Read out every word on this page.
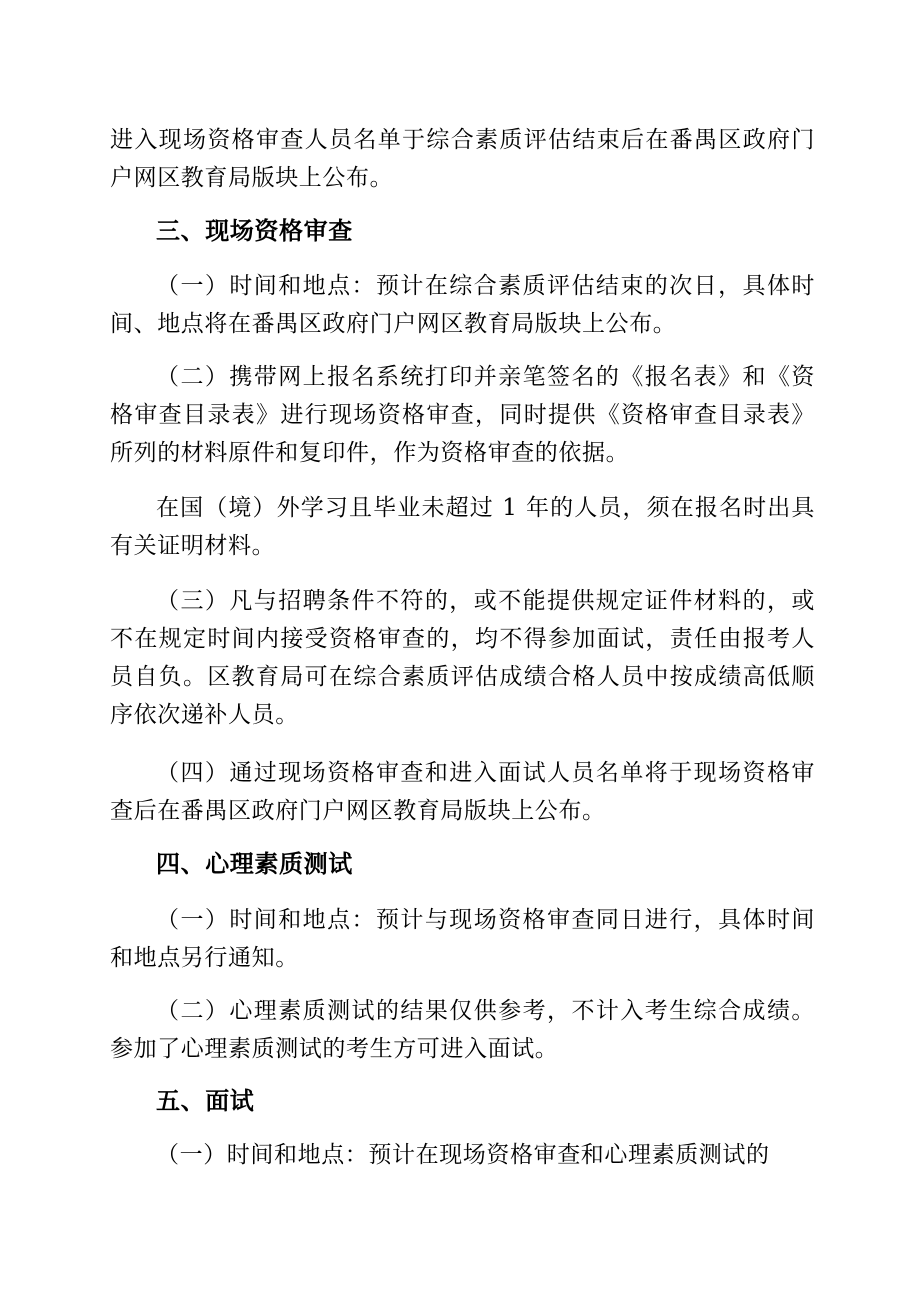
进入现场资格审查人员名单于综合素质评估结束后在番禺区政府门户网区教育局版块上公布。

三、现场资格审查

（一）时间和地点：预计在综合素质评估结束的次日，具体时间、地点将在番禺区政府门户网区教育局版块上公布。

（二）携带网上报名系统打印并亲笔签名的《报名表》和《资格审查目录表》进行现场资格审查，同时提供《资格审查目录表》所列的材料原件和复印件，作为资格审查的依据。

在国（境）外学习且毕业未超过 1 年的人员，须在报名时出具有关证明材料。

（三）凡与招聘条件不符的，或不能提供规定证件材料的，或不在规定时间内接受资格审查的，均不得参加面试，责任由报考人员自负。区教育局可在综合素质评估成绩合格人员中按成绩高低顺序依次递补人员。

（四）通过现场资格审查和进入面试人员名单将于现场资格审查后在番禺区政府门户网区教育局版块上公布。

四、心理素质测试

（一）时间和地点：预计与现场资格审查同日进行，具体时间和地点另行通知。

（二）心理素质测试的结果仅供参考，不计入考生综合成绩。参加了心理素质测试的考生方可进入面试。

五、面试

（一）时间和地点：预计在现场资格审查和心理素质测试的
